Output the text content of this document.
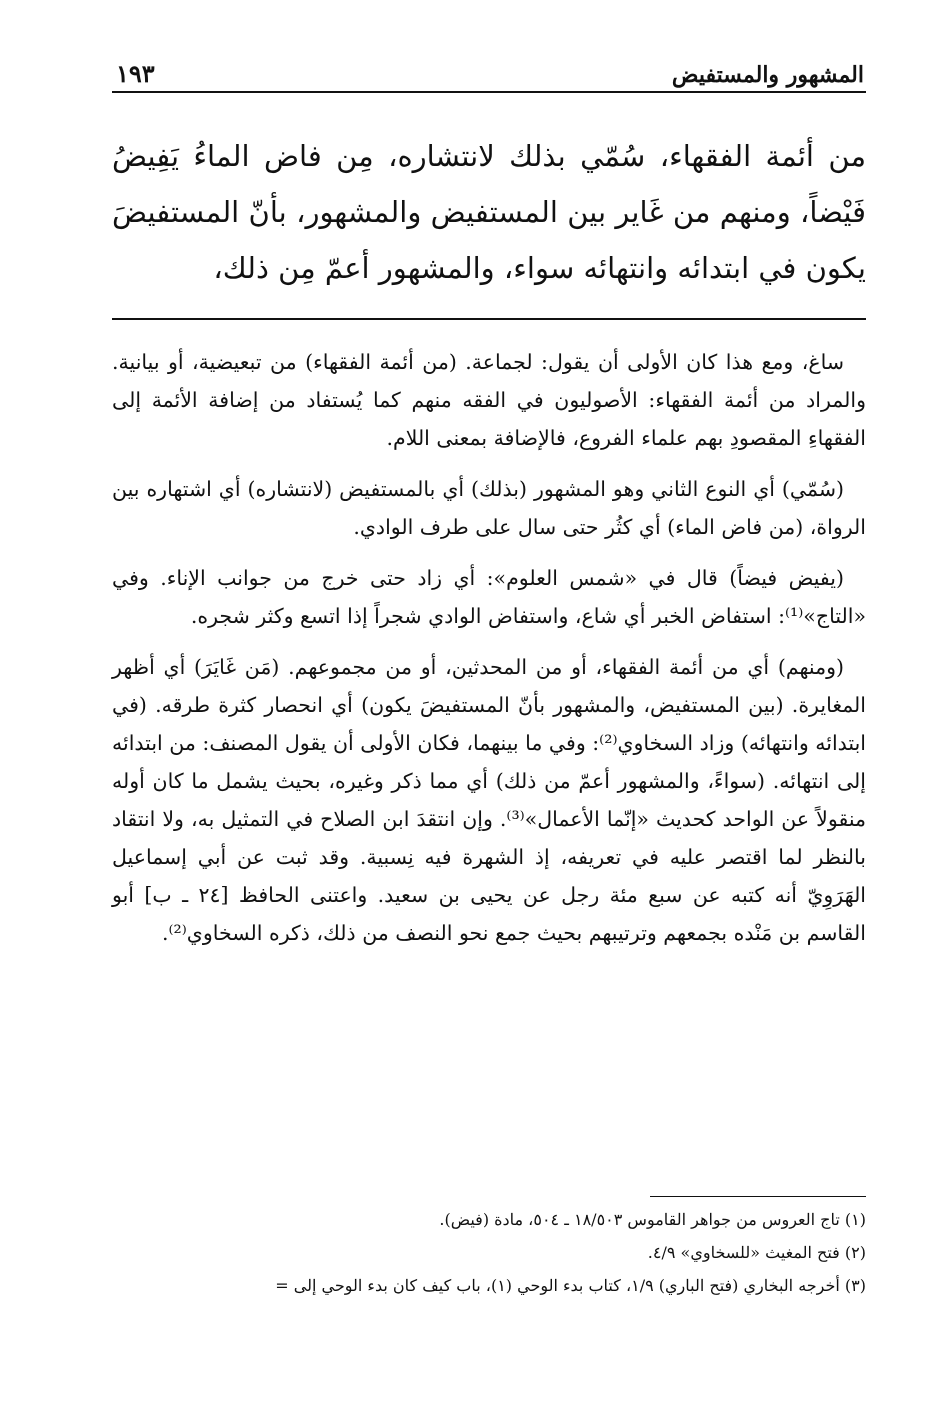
المشهور والمستفيض
١٩٣

من أئمة الفقهاء، سُمّي بذلك لانتشاره، مِن فاض الماءُ يَفِيضُ فَيْضاً، ومنهم من غَاير بين المستفيض والمشهور، بأنّ المستفيضَ يكون في ابتدائه وانتهائه سواء، والمشهور أعمّ مِن ذلك،

ساغ، ومع هذا كان الأولى أن يقول: لجماعة. (من أئمة الفقهاء) من تبعيضية، أو بيانية. والمراد من أئمة الفقهاء: الأصوليون في الفقه منهم كما يُستفاد من إضافة الأئمة إلى الفقهاءِ المقصودِ بهم علماء الفروع، فالإضافة بمعنى اللام.

(سُمّي) أي النوع الثاني وهو المشهور (بذلك) أي بالمستفيض (لانتشاره) أي اشتهاره بين الرواة، (من فاض الماء) أي كثُر حتى سال على طرف الوادي.

(يفيض فيضاً) قال في «شمس العلوم»: أي زاد حتى خرج من جوانب الإناء. وفي «التاج»⁽¹⁾: استفاض الخبر أي شاع، واستفاض الوادي شجراً إذا اتسع وكثر شجره.

(ومنهم) أي من أئمة الفقهاء، أو من المحدثين، أو من مجموعهم. (مَن غَايَرَ) أي أظهر المغايرة. (بين المستفيض، والمشهور بأنّ المستفيضَ يكون) أي انحصار كثرة طرقه. (في ابتدائه وانتهائه) وزاد السخاوي⁽²⁾: وفي ما بينهما، فكان الأولى أن يقول المصنف: من ابتدائه إلى انتهائه. (سواءً، والمشهور أعمّ من ذلك) أي مما ذكر وغيره، بحيث يشمل ما كان أوله منقولاً عن الواحد كحديث «إنّما الأعمال»⁽³⁾. وإن انتقدَ ابن الصلاح في التمثيل به، ولا انتقاد بالنظر لما اقتصر عليه في تعريفه، إذ الشهرة فيه نِسبية. وقد ثبت عن أبي إسماعيل الهَرَوِيّ أنه كتبه عن سبع مئة رجل عن يحيى بن سعيد. واعتنى الحافظ [٢٤ ـ ب] أبو القاسم بن مَنْده بجمعهم وترتيبهم بحيث جمع نحو النصف من ذلك، ذكره السخاوي⁽²⁾.

(١) تاج العروس من جواهر القاموس ١٨/٥٠٣ ـ ٥٠٤، مادة (فيض).

(٢) فتح المغيث «للسخاوي» ٤/٩.

(٣) أخرجه البخاري (فتح الباري) ١/٩، كتاب بدء الوحي (١)، باب كيف كان بدء الوحي إلى =
